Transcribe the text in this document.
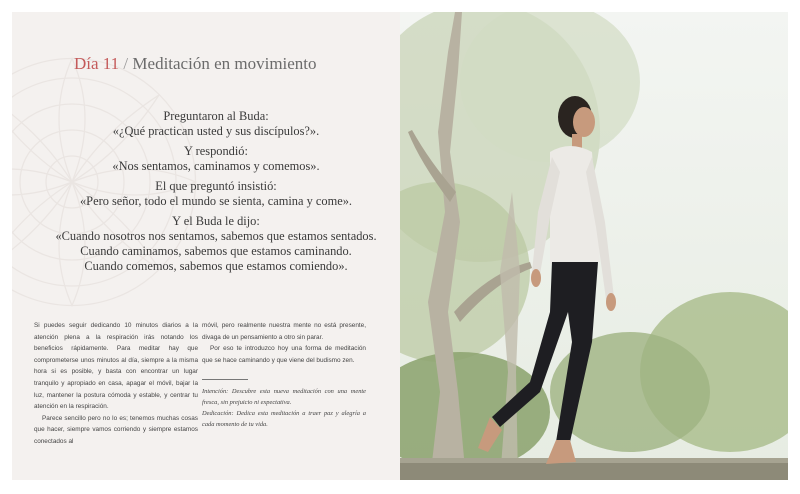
Día 11 / Meditación en movimiento

Preguntaron al Buda:
«¿Qué practican usted y sus discípulos?».

Y respondió:
«Nos sentamos, caminamos y comemos».

El que preguntó insistió:
«Pero señor, todo el mundo se sienta, camina y come».

Y el Buda le dijo:
«Cuando nosotros nos sentamos, sabemos que estamos sentados.
Cuando caminamos, sabemos que estamos caminando.
Cuando comemos, sabemos que estamos comiendo».

Si puedes seguir dedicando 10 minutos diarios a la atención plena a la respiración irás notando los beneficios rápidamente. Para meditar hay que comprometerse unos minutos al día, siempre a la misma hora si es posible, y basta con encontrar un lugar tranquilo y apropiado en casa, apagar el móvil, bajar la luz, mantener la postura cómoda y estable, y centrar tu atención en la respiración.

Parece sencillo pero no lo es; tenemos muchas cosas que hacer, siempre vamos corriendo y siempre estamos conectados al

móvil, pero realmente nuestra mente no está presente, divaga de un pensamiento a otro sin parar.

Por eso te introduzco hoy una forma de meditación que se hace caminando y que viene del budismo zen.

Intención: Descubre esta nueva meditación con una mente fresca, sin prejuicio ni expectativa.

Dedicación: Dedica esta meditación a traer paz y alegría a cada momento de tu vida.
